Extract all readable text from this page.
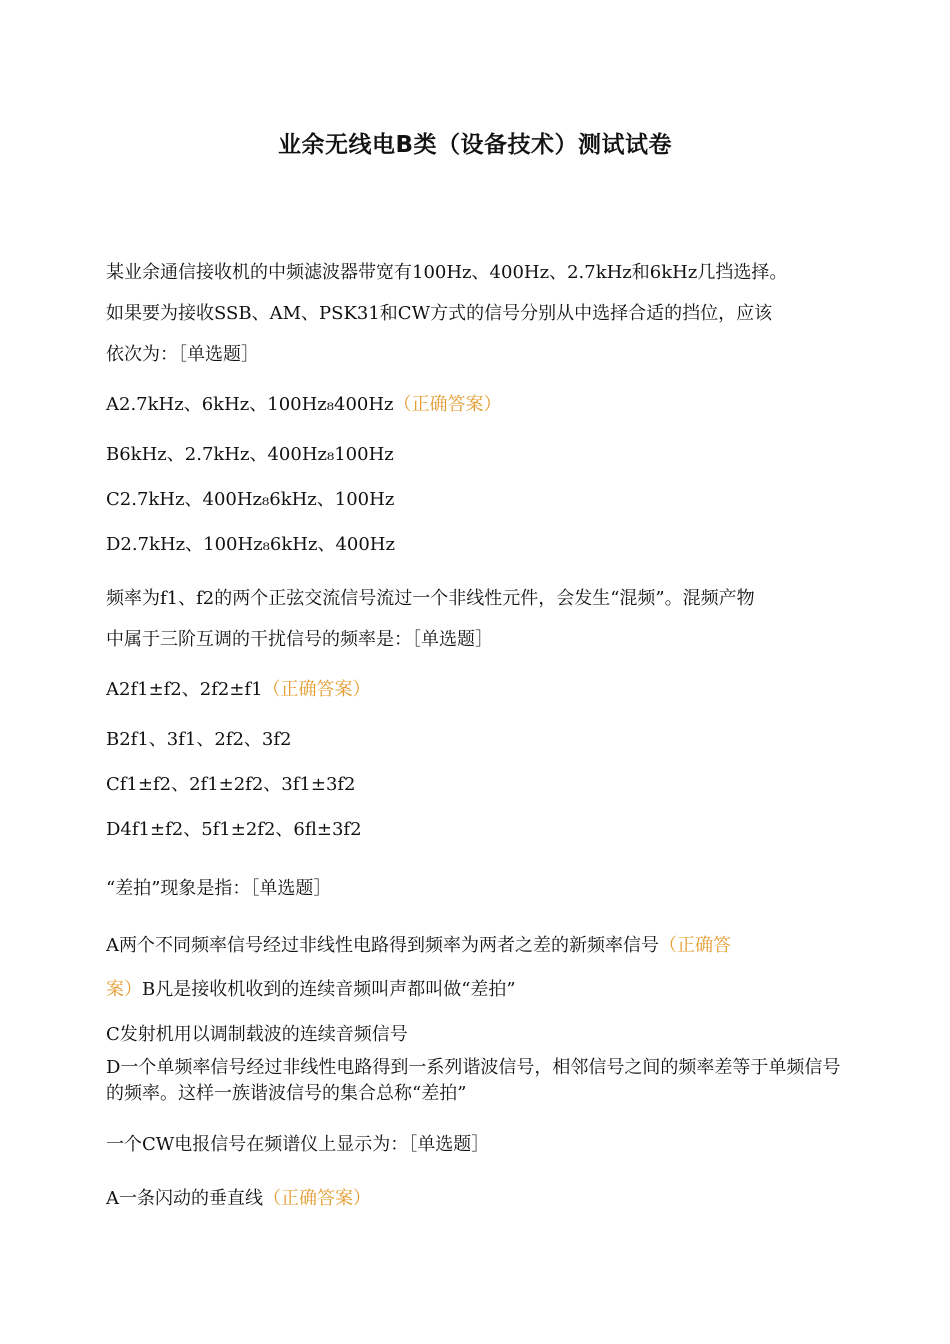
业余无线电B类（设备技术）测试试卷
某业余通信接收机的中频滤波器带宽有100Hz、400Hz、2.7kHz和6kHz几挡选择。
如果要为接收SSB、AM、PSK31和CW方式的信号分别从中选择合适的挡位，应该
依次为：［单选题］
A2.7kHz、6kHz、100Hz₈400Hz（正确答案）
B6kHz、2.7kHz、400Hz₈100Hz
C2.7kHz、400Hz₈6kHz、100Hz
D2.7kHz、100Hz₈6kHz、400Hz
频率为f1、f2的两个正弦交流信号流过一个非线性元件，会发生“混频”。混频产物
中属于三阶互调的干扰信号的频率是：［单选题］
A2f1±f2、2f2±f1（正确答案）
B2f1、3f1、2f2、3f2
Cf1±f2、2f1±2f2、3f1±3f2
D4f1±f2、5f1±2f2、6fl±3f2
“差拍”现象是指：［单选题］
A两个不同频率信号经过非线性电路得到频率为两者之差的新频率信号（正确答
案）B凡是接收机收到的连续音频叫声都叫做“差拍”
C发射机用以调制载波的连续音频信号
D一个单频率信号经过非线性电路得到一系列谐波信号，相邻信号之间的频率差等于单频信号的频率。这样一族谐波信号的集合总称“差拍”
一个CW电报信号在频谱仪上显示为：［单选题］
A一条闪动的垂直线（正确答案）
